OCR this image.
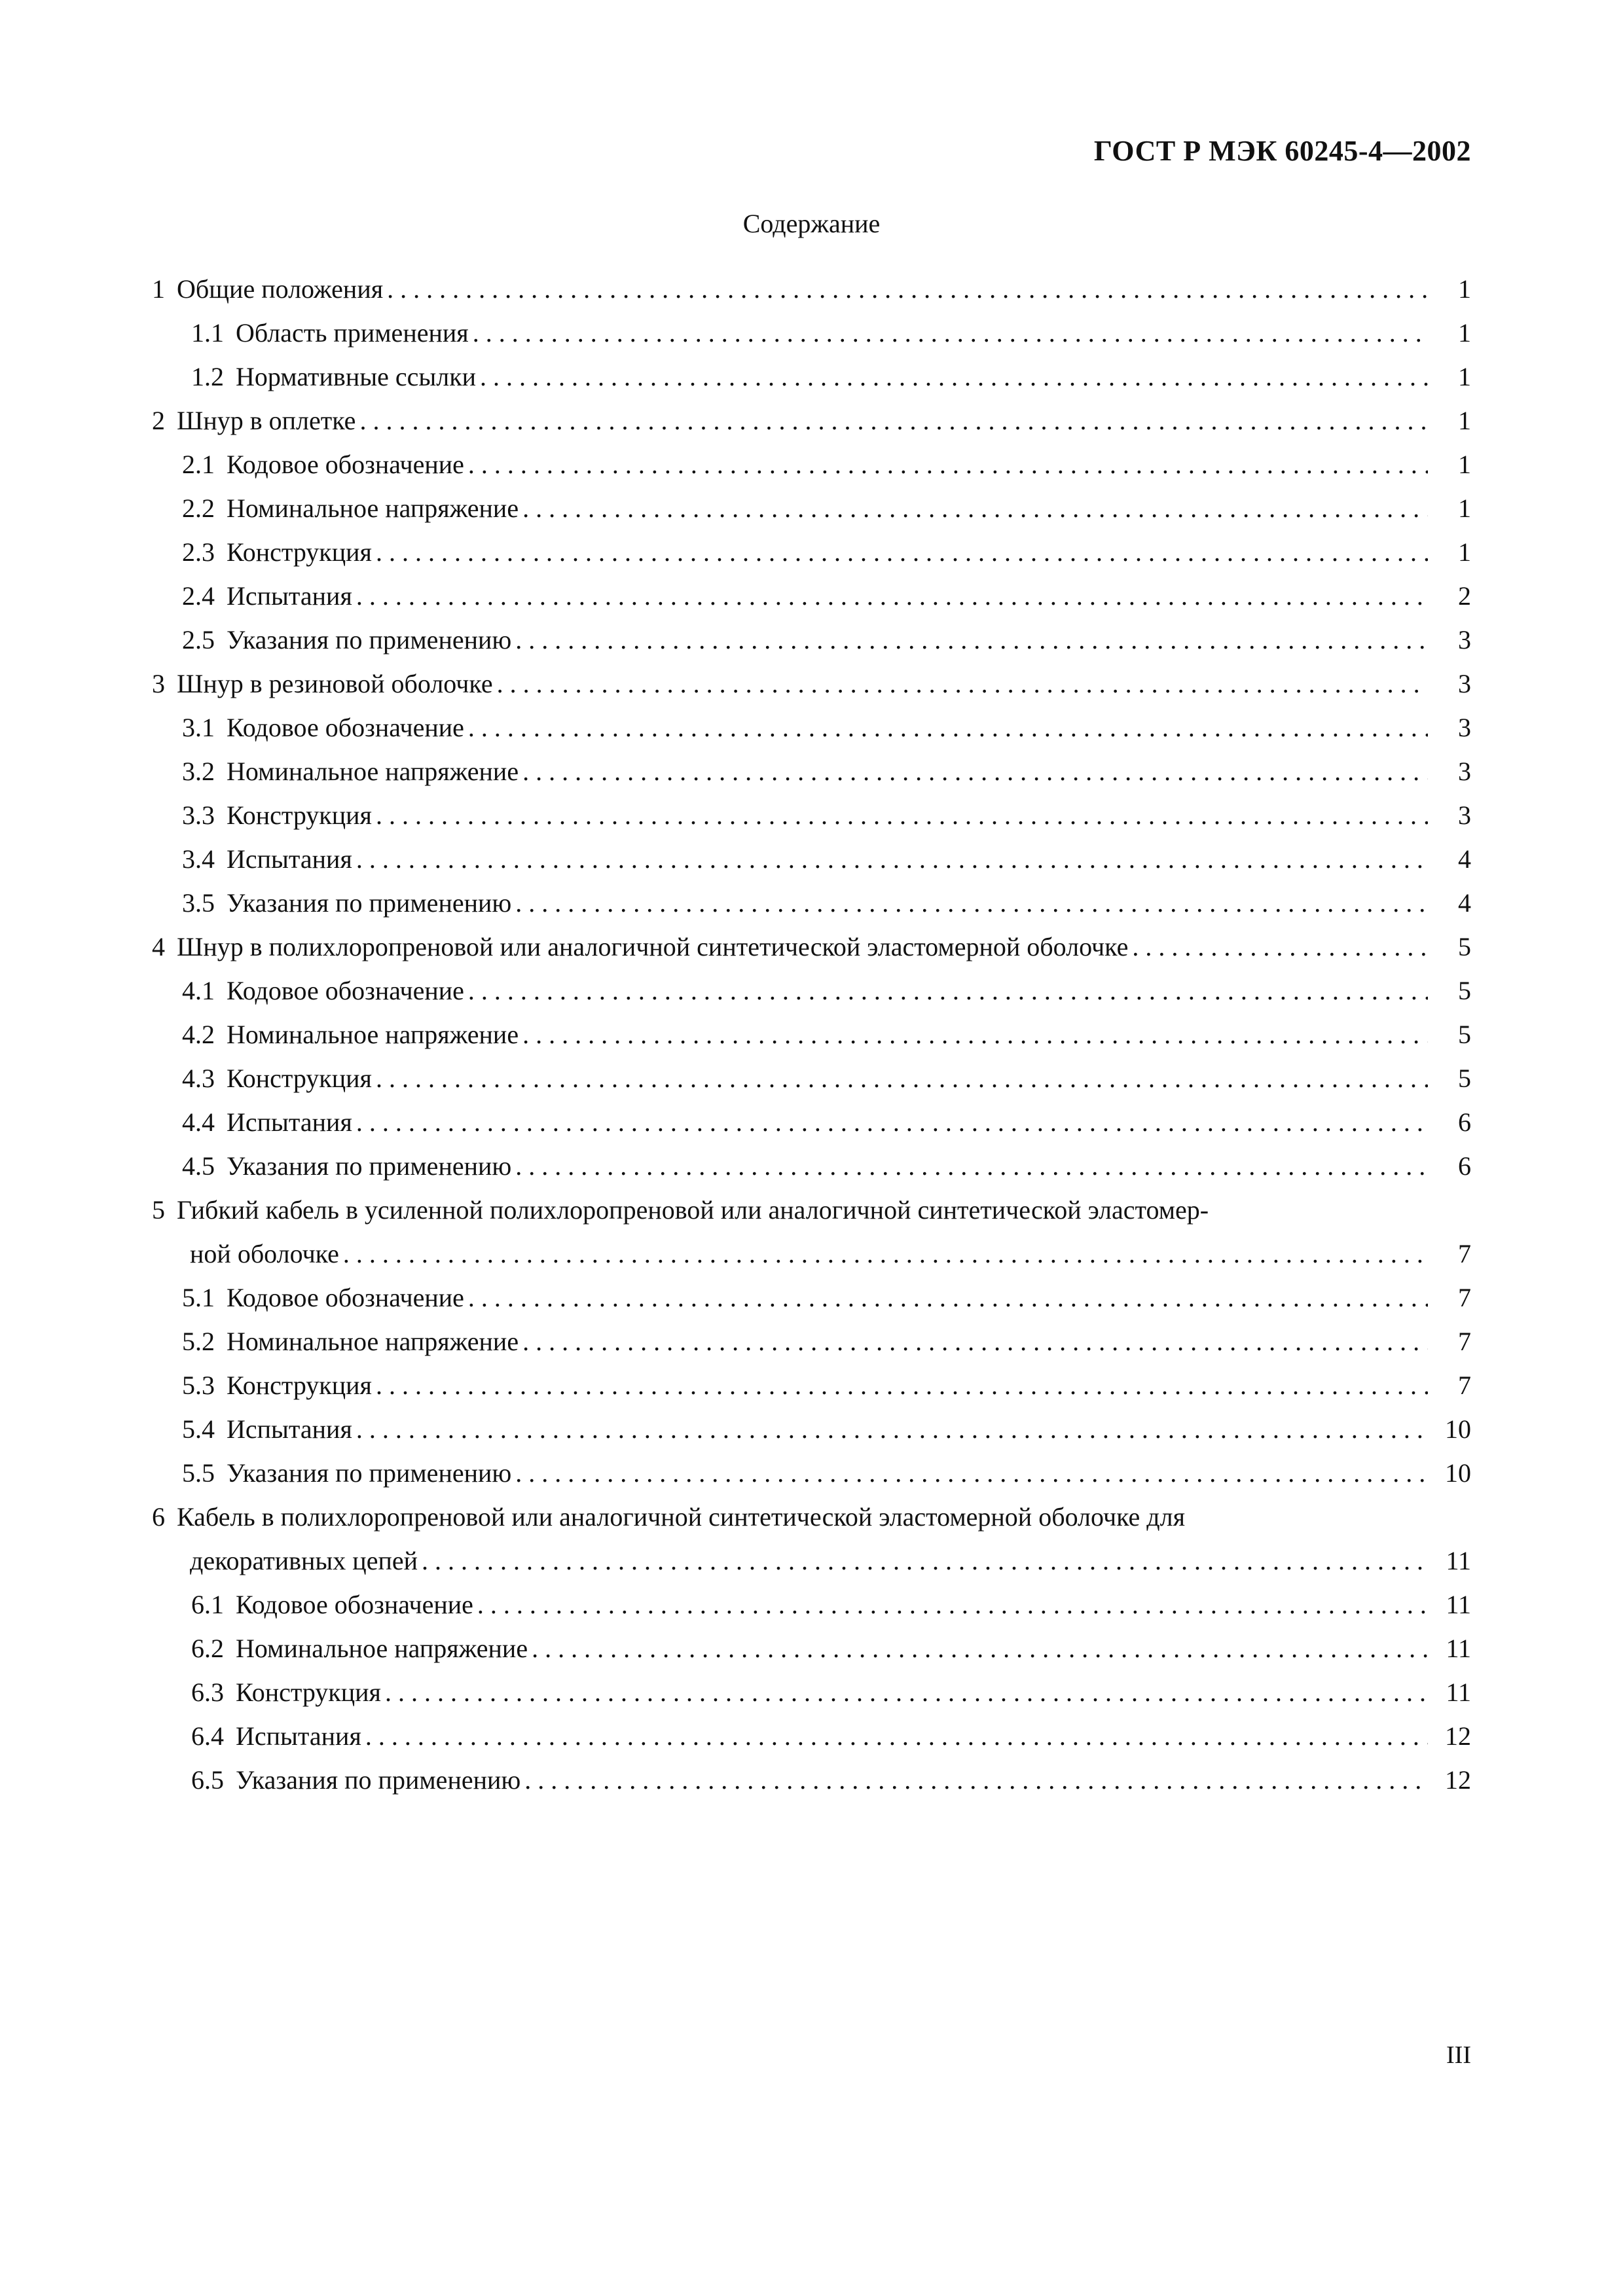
ГОСТ Р МЭК 60245-4—2002
Содержание
1 Общие положения . . .	1
1.1 Область применения . . .	1
1.2 Нормативные ссылки . . .	1
2 Шнур в оплетке . . .	1
2.1 Кодовое обозначение . . .	1
2.2 Номинальное напряжение . . .	1
2.3 Конструкция . . .	1
2.4 Испытания . . .	2
2.5 Указания по применению . . .	3
3 Шнур в резиновой оболочке . . .	3
3.1 Кодовое обозначение . . .	3
3.2 Номинальное напряжение . . .	3
3.3 Конструкция . . .	3
3.4 Испытания . . .	4
3.5 Указания по применению . . .	4
4 Шнур в полихлоропреновой или аналогичной синтетической эластомерной оболочке . . .	5
4.1 Кодовое обозначение . . .	5
4.2 Номинальное напряжение . . .	5
4.3 Конструкция . . .	5
4.4 Испытания . . .	6
4.5 Указания по применению . . .	6
5 Гибкий кабель в усиленной полихлоропреновой или аналогичной синтетической эластомер-
ной оболочке . . .	7
5.1 Кодовое обозначение . . .	7
5.2 Номинальное напряжение . . .	7
5.3 Конструкция . . .	7
5.4 Испытания . . .	10
5.5 Указания по применению . . .	10
6 Кабель в полихлоропреновой или аналогичной синтетической эластомерной оболочке для
декоративных цепей . . .	11
6.1 Кодовое обозначение . . .	11
6.2 Номинальное напряжение . . .	11
6.3 Конструкция . . .	11
6.4 Испытания . . .	12
6.5 Указания по применению . . .	12
III
